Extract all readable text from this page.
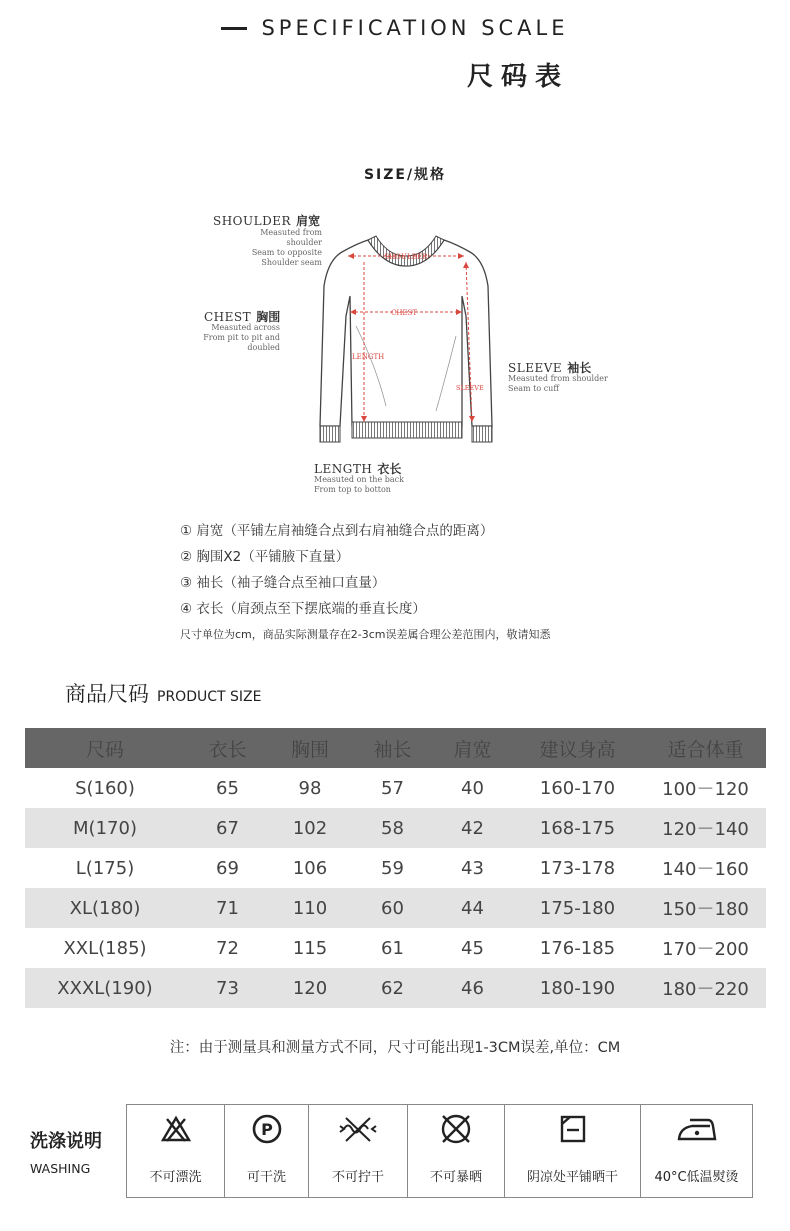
SPECIFICATION SCALE
尺码表
SIZE/规格
SHOULDER 肩宽
Measuted from shoulder
Seam to opposite
Shoulder seam
CHEST 胸围
Measuted across
From pit to pit and doubled
SLEEVE 袖长
Measuted from shoulder
Seam to cuff
LENGTH 衣长
Measuted on the back
From top to botton
SHOULDER
CHEST
LENGTH
SLEEVE
① 肩宽（平铺左肩袖缝合点到右肩袖缝合点的距离）
② 胸围X2（平铺腋下直量）
③ 袖长（袖子缝合点至袖口直量）
④ 衣长（肩颈点至下摆底端的垂直长度）
尺寸单位为cm，商品实际测量存在2-3cm误差属合理公差范围内，敬请知悉
商品尺码 PRODUCT SIZE
尺码	衣长	胸围	袖长	肩宽	建议身高	适合体重
S(160)	65	98	57	40	160-170	100－120
M(170)	67	102	58	42	168-175	120－140
L(175)	69	106	59	43	173-178	140－160
XL(180)	71	110	60	44	175-180	150－180
XXL(185)	72	115	61	45	176-185	170－200
XXXL(190)	73	120	62	46	180-190	180－220
注：由于测量具和测量方式不同，尺寸可能出现1-3CM误差,单位：CM
洗涤说明
WASHING
不可漂洗
P
可干洗	不可拧干	不可暴晒	阴凉处平铺晒干	40°C低温熨烫
